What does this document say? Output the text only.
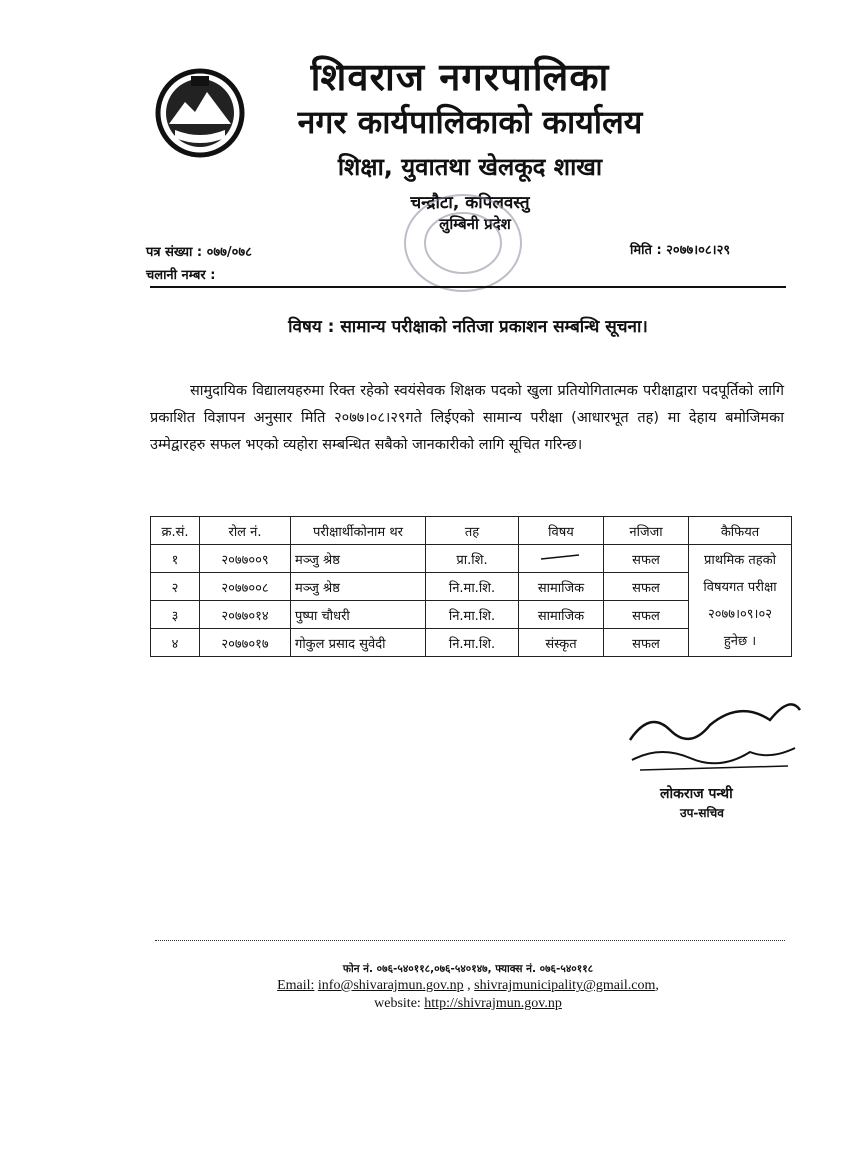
शिवराज नगरपालिका
नगर कार्यपालिकाको कार्यालय
शिक्षा, युवातथा खेलकूद शाखा
चन्द्रौटा, कपिलवस्तु
लुम्बिनी प्रदेश
पत्र संख्या : ०७७/०७८
चलानी नम्बर :
मिति : २०७७।०८।२९
विषय : सामान्य परीक्षाको नतिजा प्रकाशन सम्बन्धि सूचना।
सामुदायिक विद्यालयहरुमा रिक्त रहेको स्वयंसेवक शिक्षक पदको खुला प्रतियोगितात्मक परीक्षाद्वारा पदपूर्तिको लागि प्रकाशित विज्ञापन अनुसार मिति २०७७।०८।२९गते लिईएको सामान्य परीक्षा (आधारभूत तह) मा देहाय बमोजिमका उम्मेद्वारहरु सफल भएको व्यहोरा सम्बन्धित सबैको जानकारीको लागि सूचित गरिन्छ।
क्र.सं.	रोल नं.	परीक्षार्थीकोनाम थर	तह	विषय	नजिजा	कैफियत
१	२०७७००९	मञ्जु श्रेष्ठ	प्रा.शि.		सफल	प्राथमिक तहको
विषयगत परीक्षा
२०७७।०९।०२
हुनेछ ।

२	२०७७००८	मञ्जु श्रेष्ठ	नि.मा.शि.	सामाजिक	सफल	
३	२०७७०१४	पुष्पा चौधरी	नि.मा.शि.	सामाजिक	सफल	
४	२०७७०१७	गोकुल प्रसाद सुवेदी	नि.मा.शि.	संस्कृत	सफल	
लोकराज पन्थी
उप-सचिव
फोन नं. ०७६-५४०११८,०७६-५४०१४७, फ्याक्स नं. ०७६-५४०११८
Email: info@shivarajmun.gov.np , shivrajmunicipality@gmail.com,
website: http://shivrajmun.gov.np
